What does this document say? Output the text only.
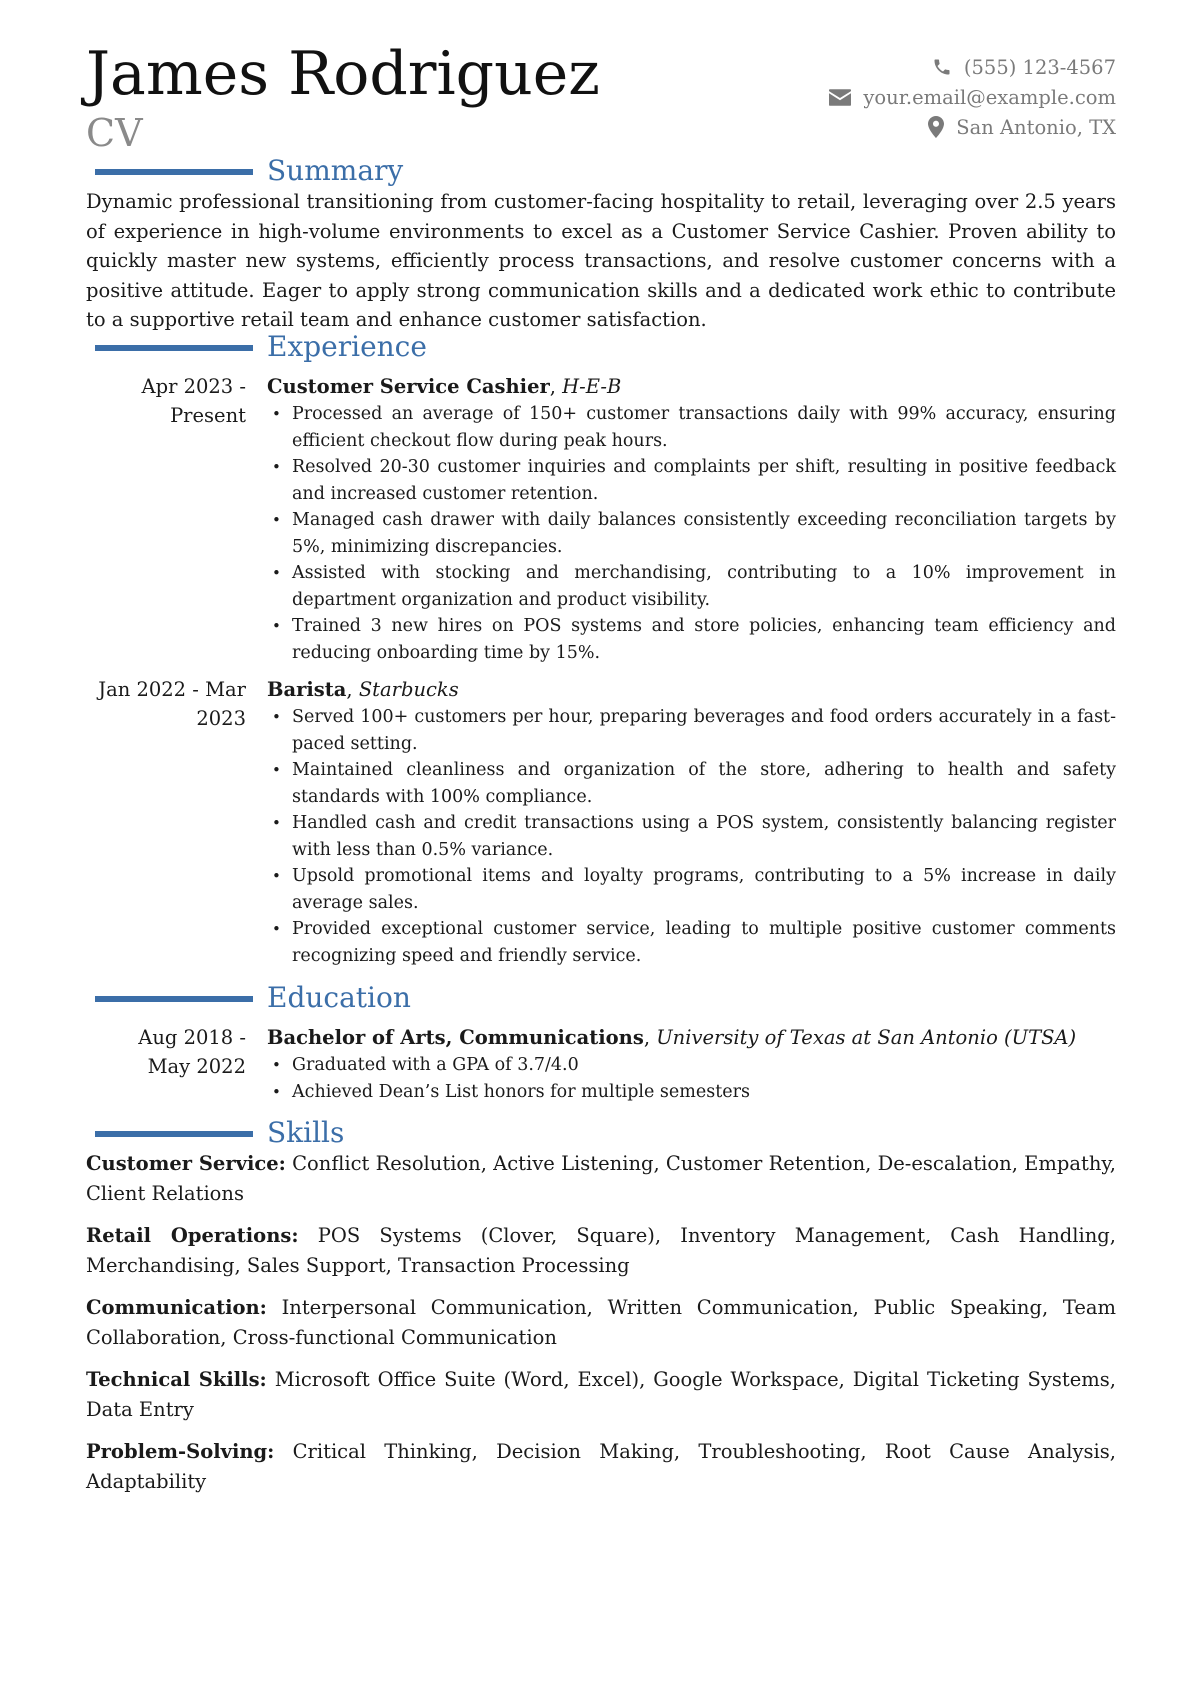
James Rodriguez
CV
(555) 123-4567
your.email@example.com
San Antonio, TX
Summary

Dynamic professional transitioning from customer-facing hospitality to retail, leveraging over 2.5 years of experience in high-volume environments to excel as a Customer Service Cashier. Proven ability to quickly master new systems, efficiently process transactions, and resolve customer concerns with a positive attitude. Eager to apply strong communication skills and a dedicated work ethic to contribute to a supportive retail team and enhance customer satisfaction.

Experience
Apr 2023 -
Present
Customer Service Cashier, H-E-B
• Processed an average of 150+ customer transactions daily with 99% accuracy, ensuring efficient checkout flow during peak hours.
• Resolved 20-30 customer inquiries and complaints per shift, resulting in positive feedback and increased customer retention.
• Managed cash drawer with daily balances consistently exceeding reconciliation targets by 5%, minimizing discrepancies.
• Assisted with stocking and merchandising, contributing to a 10% improvement in department organization and product visibility.
• Trained 3 new hires on POS systems and store policies, enhancing team efficiency and reducing onboarding time by 15%.
Jan 2022 - Mar
2023
Barista, Starbucks
• Served 100+ customers per hour, preparing beverages and food orders accurately in a fast-paced setting.
• Maintained cleanliness and organization of the store, adhering to health and safety standards with 100% compliance.
• Handled cash and credit transactions using a POS system, consistently balancing register with less than 0.5% variance.
• Upsold promotional items and loyalty programs, contributing to a 5% increase in daily average sales.
• Provided exceptional customer service, leading to multiple positive customer comments recognizing speed and friendly service.
Education
Aug 2018 -
May 2022
Bachelor of Arts, Communications, University of Texas at San Antonio (UTSA)
• Graduated with a GPA of 3.7/4.0
• Achieved Dean’s List honors for multiple semesters
Skills

Customer Service: Conflict Resolution, Active Listening, Customer Retention, De-escalation, Empathy, Client Relations

Retail Operations: POS Systems (Clover, Square), Inventory Management, Cash Handling, Merchandising, Sales Support, Transaction Processing

Communication: Interpersonal Communication, Written Communication, Public Speaking, Team Collaboration, Cross-functional Communication

Technical Skills: Microsoft Office Suite (Word, Excel), Google Workspace, Digital Ticketing Systems, Data Entry

Problem-Solving: Critical Thinking, Decision Making, Troubleshooting, Root Cause Analysis, Adaptability
